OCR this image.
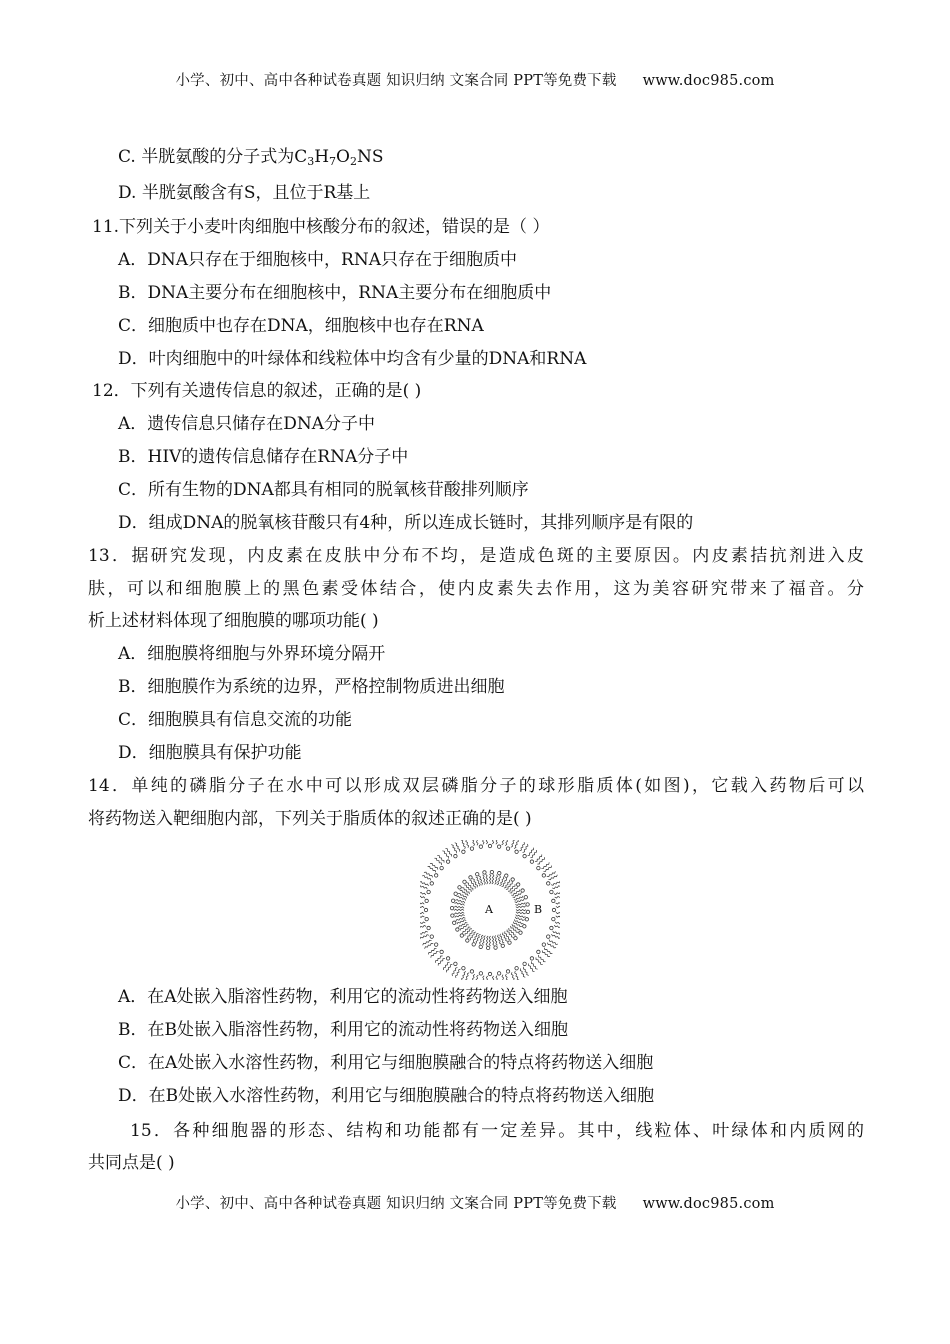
小学、初中、高中各种试卷真题 知识归纳 文案合同 PPT等免费下载 www.doc985.com
C. 半胱氨酸的分子式为$C_3H_7O_2NS$
D. 半胱氨酸含有S，且位于R基上
11.下列关于小麦叶肉细胞中核酸分布的叙述，错误的是（ ）
A．DNA只存在于细胞核中，RNA只存在于细胞质中
B．DNA主要分布在细胞核中，RNA主要分布在细胞质中
C．细胞质中也存在DNA，细胞核中也存在RNA
D．叶肉细胞中的叶绿体和线粒体中均含有少量的DNA和RNA
12．下列有关遗传信息的叙述，正确的是( )
A．遗传信息只储存在DNA分子中
B．HIV的遗传信息储存在RNA分子中
C．所有生物的DNA都具有相同的脱氧核苷酸排列顺序
D．组成DNA的脱氧核苷酸只有4种，所以连成长链时，其排列顺序是有限的
13．据研究发现，内皮素在皮肤中分布不均，是造成色斑的主要原因。内皮素拮抗剂进入皮
肤，可以和细胞膜上的黑色素受体结合，使内皮素失去作用，这为美容研究带来了福音。分
析上述材料体现了细胞膜的哪项功能( )
A．细胞膜将细胞与外界环境分隔开
B．细胞膜作为系统的边界，严格控制物质进出细胞
C．细胞膜具有信息交流的功能
D．细胞膜具有保护功能
14．单纯的磷脂分子在水中可以形成双层磷脂分子的球形脂质体(如图)，它载入药物后可以
将药物送入靶细胞内部，下列关于脂质体的叙述正确的是( )
A	B
A．在A处嵌入脂溶性药物，利用它的流动性将药物送入细胞
B．在B处嵌入脂溶性药物，利用它的流动性将药物送入细胞
C．在A处嵌入水溶性药物，利用它与细胞膜融合的特点将药物送入细胞
D．在B处嵌入水溶性药物，利用它与细胞膜融合的特点将药物送入细胞
15．各种细胞器的形态、结构和功能都有一定差异。其中，线粒体、叶绿体和内质网的
共同点是( )
小学、初中、高中各种试卷真题 知识归纳 文案合同 PPT等免费下载 www.doc985.com
